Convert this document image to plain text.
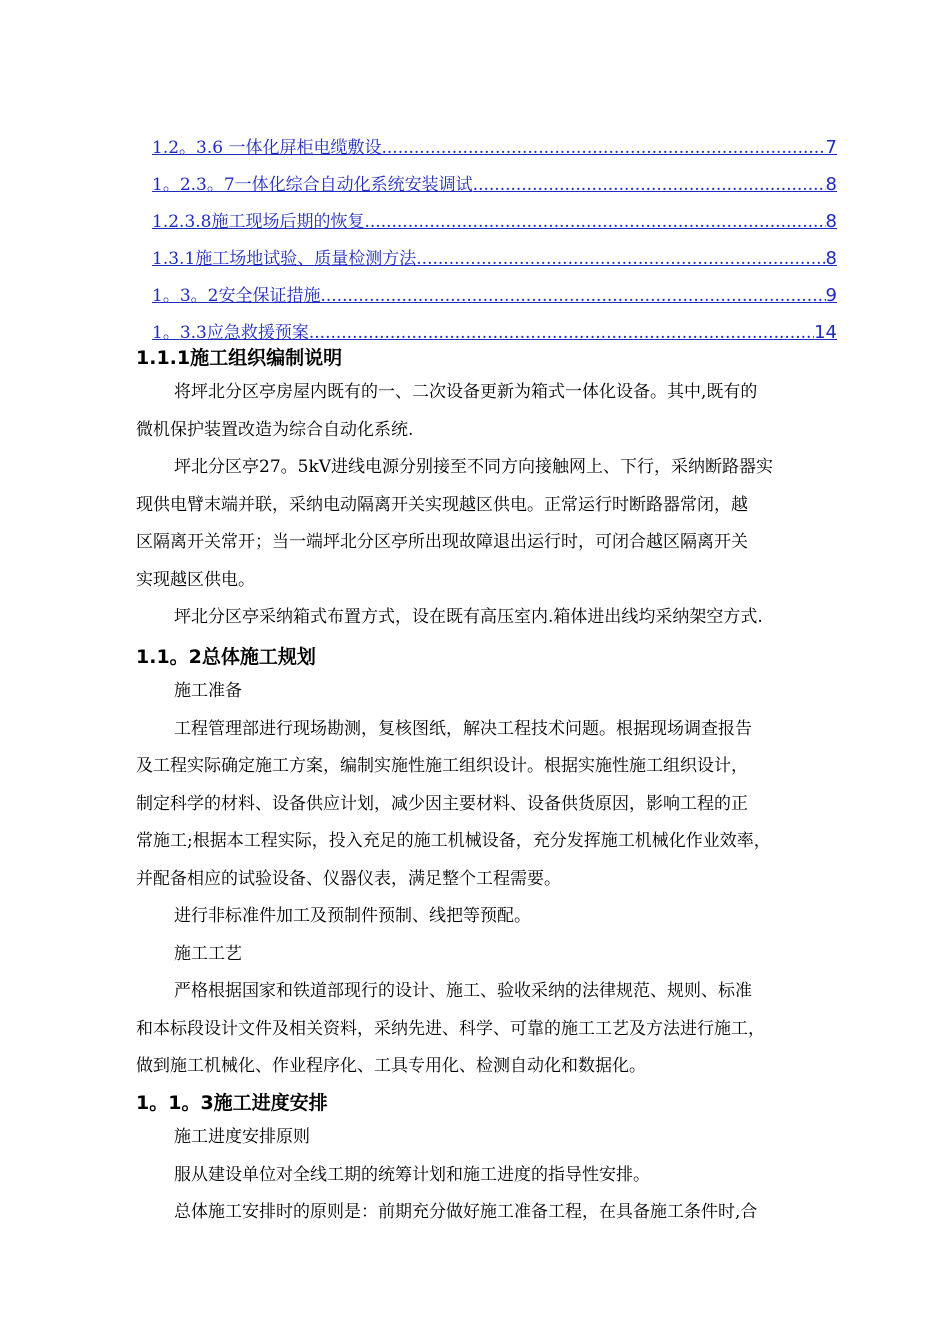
1.2。3.6 一体化屏柜电缆敷设 .....	7
1。2.3。7一体化综合自动化系统安装调试 .....	8
1.2.3.8施工现场后期的恢复 .....	8
1.3.1施工场地试验、质量检测方法 .....	8
1。3。2安全保证措施 .....	9
1。3.3应急救援预案 .....	14
1.1.1施工组织编制说明
将坪北分区亭房屋内既有的一、二次设备更新为箱式一体化设备。其中,既有的
微机保护装置改造为综合自动化系统.
坪北分区亭27。5kV进线电源分别接至不同方向接触网上、下行，采纳断路器实
现供电臂末端并联，采纳电动隔离开关实现越区供电。正常运行时断路器常闭，越
区隔离开关常开；当一端坪北分区亭所出现故障退出运行时，可闭合越区隔离开关
实现越区供电。
坪北分区亭采纳箱式布置方式，设在既有高压室内.箱体进出线均采纳架空方式.
1.1。2总体施工规划
施工准备
工程管理部进行现场勘测，复核图纸，解决工程技术问题。根据现场调查报告
及工程实际确定施工方案，编制实施性施工组织设计。根据实施性施工组织设计，
制定科学的材料、设备供应计划，减少因主要材料、设备供货原因，影响工程的正
常施工;根据本工程实际，投入充足的施工机械设备，充分发挥施工机械化作业效率，
并配备相应的试验设备、仪器仪表，满足整个工程需要。
进行非标准件加工及预制件预制、线把等预配。
施工工艺
严格根据国家和铁道部现行的设计、施工、验收采纳的法律规范、规则、标准
和本标段设计文件及相关资料，采纳先进、科学、可靠的施工工艺及方法进行施工，
做到施工机械化、作业程序化、工具专用化、检测自动化和数据化。
1。1。3施工进度安排
施工进度安排原则
服从建设单位对全线工期的统筹计划和施工进度的指导性安排。
总体施工安排时的原则是：前期充分做好施工准备工程，在具备施工条件时,合
